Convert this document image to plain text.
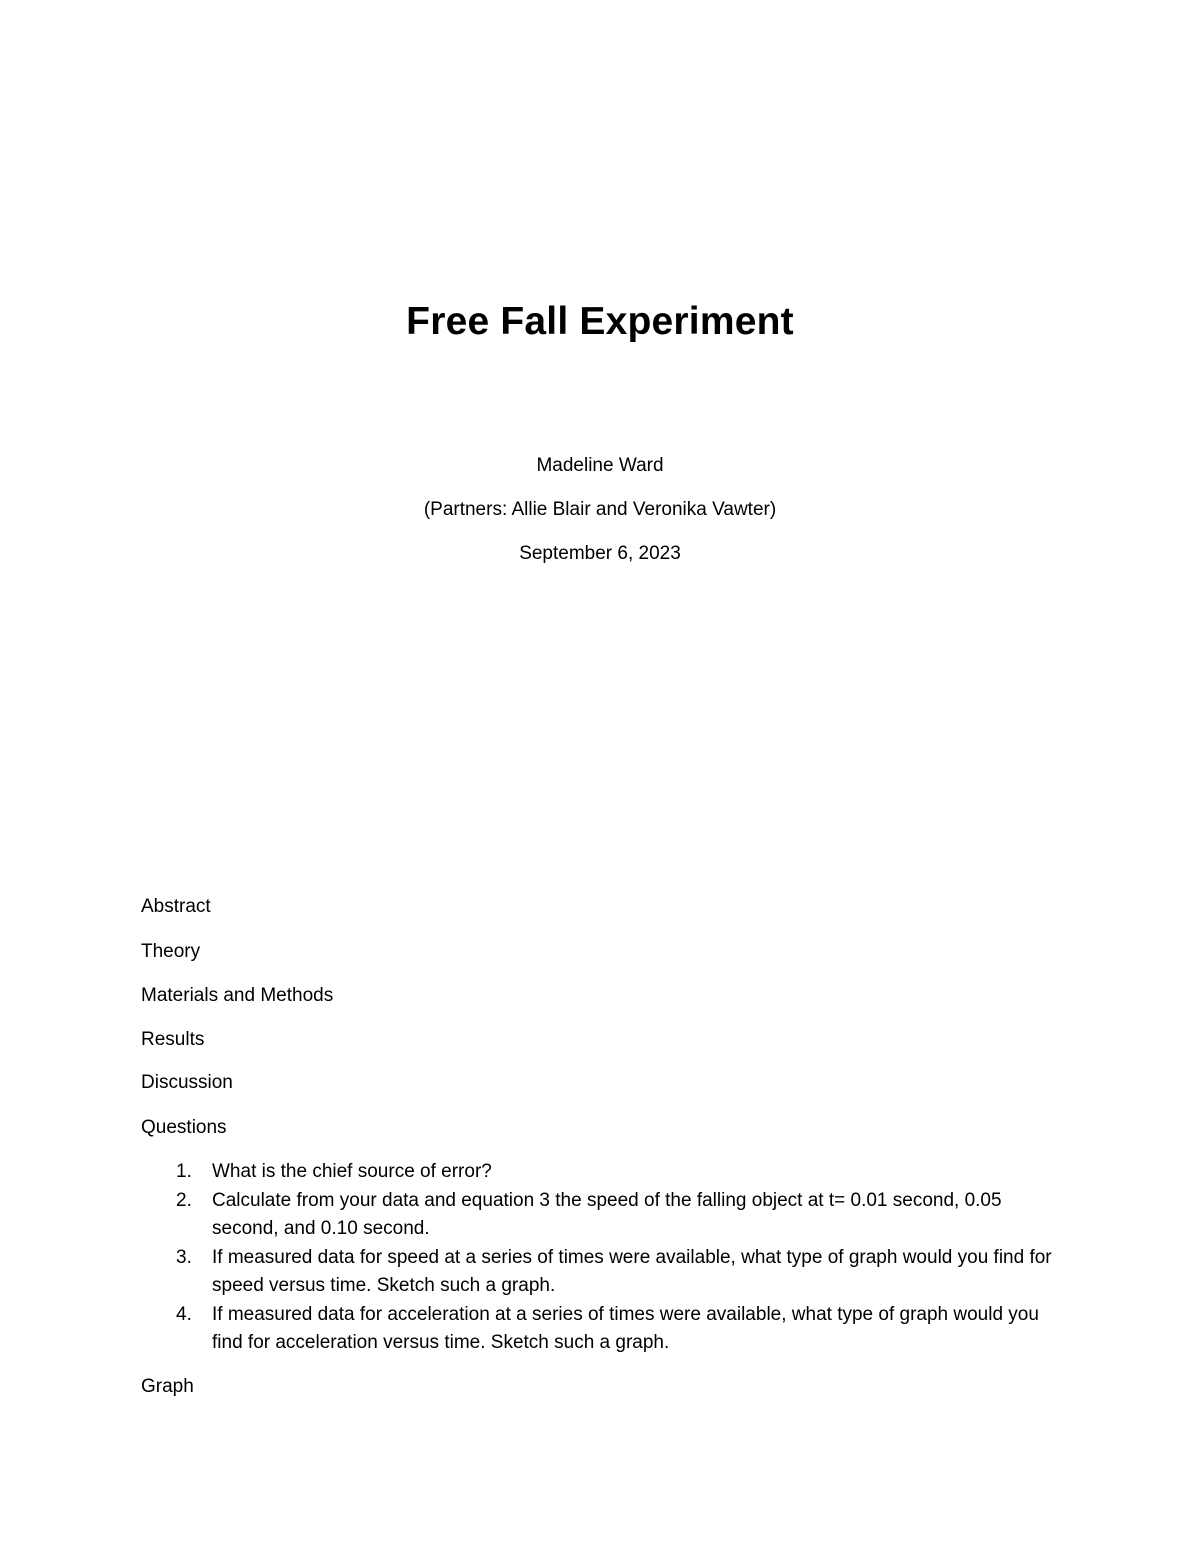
Free Fall Experiment
Madeline Ward
(Partners: Allie Blair and Veronika Vawter)
September 6, 2023
Abstract
Theory
Materials and Methods
Results
Discussion
Questions
1. What is the chief source of error?
2. Calculate from your data and equation 3 the speed of the falling object at t= 0.01 second, 0.05 second, and 0.10 second.
3. If measured data for speed at a series of times were available, what type of graph would you find for speed versus time. Sketch such a graph.
4. If measured data for acceleration at a series of times were available, what type of graph would you find for acceleration versus time. Sketch such a graph.
Graph
